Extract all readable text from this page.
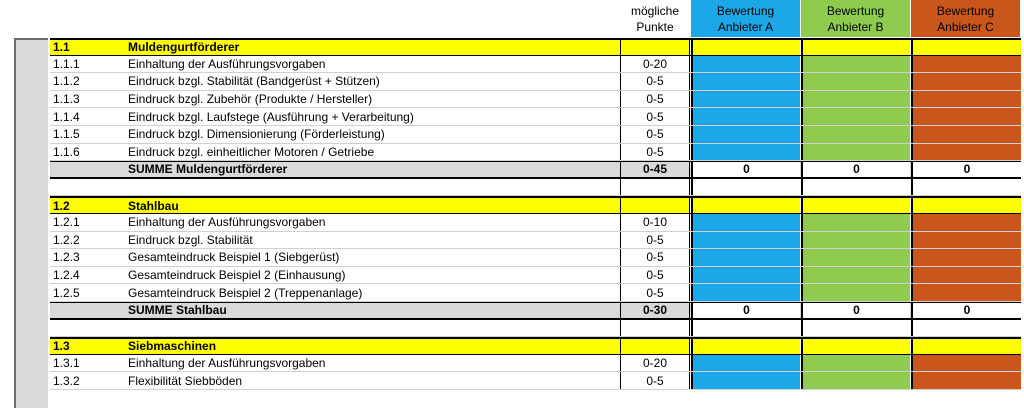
mögliche
Punkte
Bewertung
Anbieter A
Bewertung
Anbieter B
Bewertung
Anbieter C
1.1	Muldengurtförderer
1.1.1	Einhaltung der Ausführungsvorgaben	0-20
1.1.2	Eindruck bzgl. Stabilität (Bandgerüst + Stützen)	0-5
1.1.3	Eindruck bzgl. Zubehör (Produkte / Hersteller)	0-5
1.1.4	Eindruck bzgl. Laufstege (Ausführung + Verarbeitung)	0-5
1.1.5	Eindruck bzgl. Dimensionierung (Förderleistung)	0-5
1.1.6	Eindruck bzgl. einheitlicher Motoren / Getriebe	0-5
SUMME Muldengurtförderer	0-45	0	0	0
1.2	Stahlbau
1.2.1	Einhaltung der Ausführungsvorgaben	0-10
1.2.2	Eindruck bzgl. Stabilität	0-5
1.2.3	Gesamteindruck Beispiel 1 (Siebgerüst)	0-5
1.2.4	Gesamteindruck Beispiel 2 (Einhausung)	0-5
1.2.5	Gesamteindruck Beispiel 2 (Treppenanlage)	0-5
SUMME Stahlbau	0-30	0	0	0
1.3	Siebmaschinen
1.3.1	Einhaltung der Ausführungsvorgaben	0-20
1.3.2	Flexibilität Siebböden	0-5
